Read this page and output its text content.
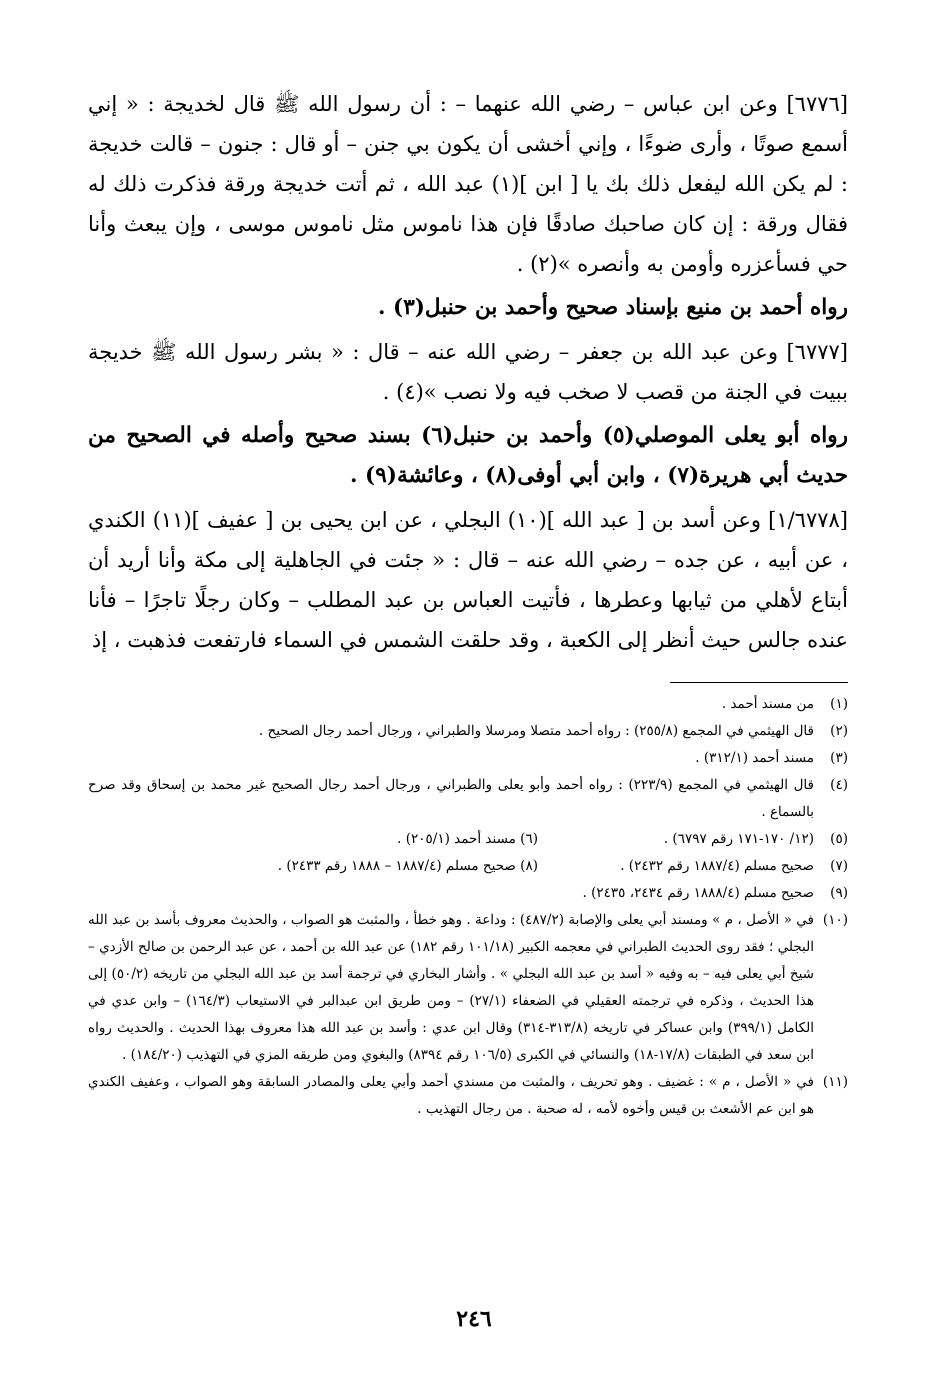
[٦٧٧٦] وعن ابن عباس – رضي الله عنهما – : أن رسول الله ﷺ قال لخديجة : « إني أسمع صوتًا ، وأرى ضوءًا ، وإني أخشى أن يكون بي جنن – أو قال : جنون – قالت خديجة : لم يكن الله ليفعل ذلك بك يا [ ابن ](١) عبد الله ، ثم أتت خديجة ورقة فذكرت ذلك له فقال ورقة : إن كان صاحبك صادقًا فإن هذا ناموس مثل ناموس موسى ، وإن يبعث وأنا حي فسأعزره وأومن به وأنصره »(٢) .

رواه أحمد بن منيع بإسناد صحيح وأحمد بن حنبل(٣) .

[٦٧٧٧] وعن عبد الله بن جعفر – رضي الله عنه – قال : « بشر رسول الله ﷺ خديجة ببيت في الجنة من قصب لا صخب فيه ولا نصب »(٤) .

رواه أبو يعلى الموصلي(٥) وأحمد بن حنبل(٦) بسند صحيح وأصله في الصحيح من حديث أبي هريرة(٧) ، وابن أبي أوفى(٨) ، وعائشة(٩) .

[١/٦٧٧٨] وعن أسد بن [ عبد الله ](١٠) البجلي ، عن ابن يحيى بن [ عفيف ](١١) الكندي ، عن أبيه ، عن جده – رضي الله عنه – قال : « جئت في الجاهلية إلى مكة وأنا أريد أن أبتاع لأهلي من ثيابها وعطرها ، فأتيت العباس بن عبد المطلب – وكان رجلًا تاجرًا – فأنا عنده جالس حيث أنظر إلى الكعبة ، وقد حلقت الشمس في السماء فارتفعت فذهبت ، إذ

(١)
من مسند أحمد .

(٢)
قال الهيثمي في المجمع (٢٥٥/٨) : رواه أحمد متصلا ومرسلا والطبراني ، ورجال أحمد رجال الصحيح .

(٣)
مسند أحمد (٣١٢/١) .

(٤)
قال الهيثمي في المجمع (٢٢٣/٩) : رواه أحمد وأبو يعلى والطبراني ، ورجال أحمد رجال الصحيح غير محمد بن إسحاق وقد صرح بالسماع .

(٥)
(١٢/ ١٧٠-١٧١ رقم ٦٧٩٧) .
(٦) مسند أحمد (٢٠٥/١) .

(٧)
صحيح مسلم (١٨٨٧/٤ رقم ٢٤٣٢) .
(٨) صحيح مسلم (١٨٨٧/٤ – ١٨٨٨ رقم ٢٤٣٣) .

(٩)
صحيح مسلم (١٨٨٨/٤ رقم ٢٤٣٤، ٢٤٣٥) .

(١٠)
في « الأصل ، م » ومسند أبي يعلى والإصابة (٤٨٧/٢) : وداعة . وهو خطأ ، والمثبت هو الصواب ، والحديث معروف بأسد بن عبد الله البجلي ؛ فقد روى الحديث الطبراني في معجمه الكبير (١٠١/١٨ رقم ١٨٢) عن عبد الله بن أحمد ، عن عبد الرحمن بن صالح الأزدي – شيخ أبي يعلى فيه – به وفيه « أسد بن عبد الله البجلي » . وأشار البخاري في ترجمة أسد بن عبد الله البجلي من تاريخه (٥٠/٢) إلى هذا الحديث ، وذكره في ترجمته العقيلي في الضعفاء (٢٧/١) – ومن طريق ابن عبدالبر في الاستيعاب (١٦٤/٣) – وابن عدي في الكامل (٣٩٩/١) وابن عساكر في تاريخه (٣١٣/٨-٣١٤) وقال ابن عدي : وأسد بن عبد الله هذا معروف بهذا الحديث . والحديث رواه ابن سعد في الطبقات (١٧/٨-١٨) والنسائي في الكبرى (١٠٦/٥ رقم ٨٣٩٤) والبغوي ومن طريقه المزي في التهذيب (١٨٤/٢٠) .

(١١)
في « الأصل ، م » : غضيف . وهو تحريف ، والمثبت من مسندي أحمد وأبي يعلى والمصادر السابقة وهو الصواب ، وعفيف الكندي هو ابن عم الأشعث بن قيس وأخوه لأمه ، له صحبة . من رجال التهذيب .

٢٤٦
